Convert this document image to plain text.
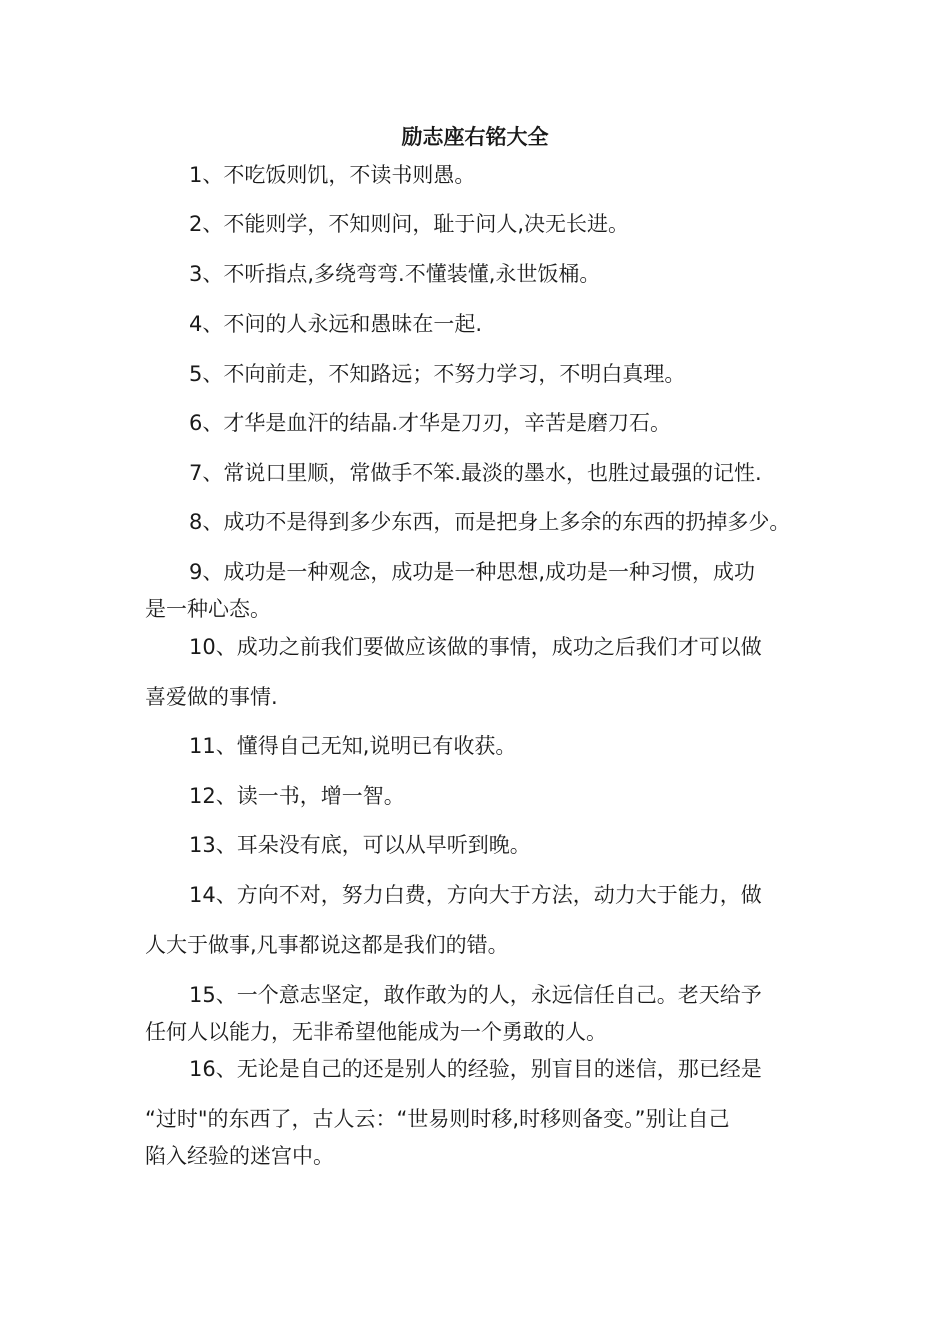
励志座右铭大全

1、不吃饭则饥，不读书则愚。

2、不能则学，不知则问，耻于问人,决无长进。

3、不听指点,多绕弯弯.不懂装懂,永世饭桶。

4、不问的人永远和愚昧在一起.

5、不向前走，不知路远；不努力学习，不明白真理。

6、才华是血汗的结晶.才华是刀刃，辛苦是磨刀石。

7、常说口里顺，常做手不笨.最淡的墨水，也胜过最强的记性.

8、成功不是得到多少东西，而是把身上多余的东西的扔掉多少。

9、成功是一种观念，成功是一种思想,成功是一种习惯，成功

是一种心态。

10、成功之前我们要做应该做的事情，成功之后我们才可以做

喜爱做的事情.

11、懂得自己无知,说明已有收获。

12、读一书，增一智。

13、耳朵没有底，可以从早听到晚。

14、方向不对，努力白费，方向大于方法，动力大于能力，做

人大于做事,凡事都说这都是我们的错。

15、一个意志坚定，敢作敢为的人，永远信任自己。老天给予

任何人以能力，无非希望他能成为一个勇敢的人。

16、无论是自己的还是别人的经验，别盲目的迷信，那已经是

“过时"的东西了，古人云：“世易则时移,时移则备变。”别让自己

陷入经验的迷宫中。
